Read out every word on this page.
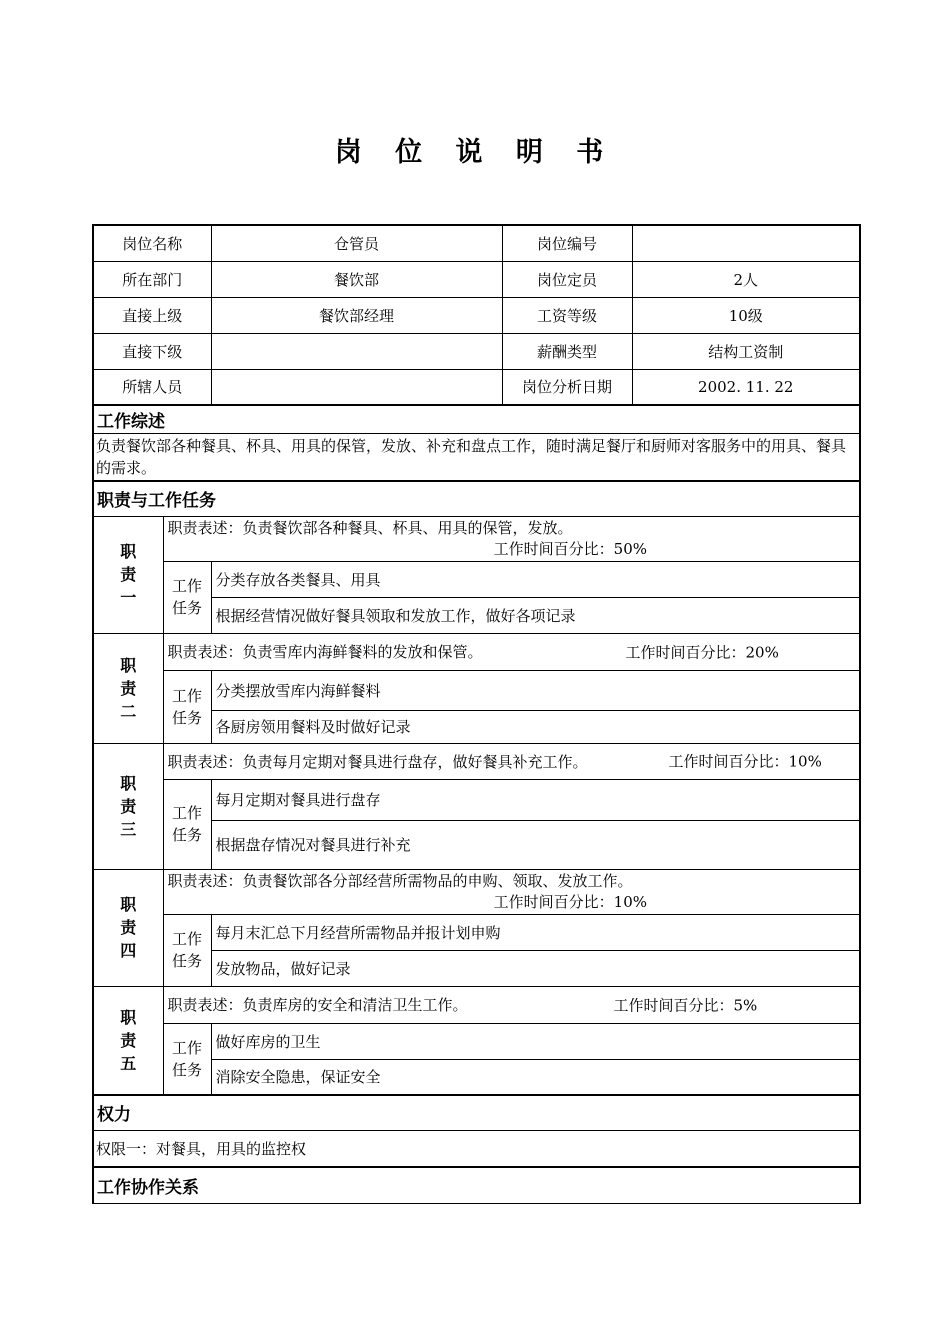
岗 位 说 明 书
岗位名称		仓管员	岗位编号	
所在部门		餐饮部	岗位定员	2人
直接上级		餐饮部经理	工资等级	10级
直接下级			薪酬类型	结构工资制
所辖人员			岗位分析日期	2002. 11. 22
工作综述				
负责餐饮部各种餐具、杯具、用具的保管，发放、补充和盘点工作，随时满足餐厅和厨师对客服务中的用具、餐具的需求。				
职责与工作任务				
职责一	职责表述：负责餐饮部各种餐具、杯具、用具的保管，发放。
工作时间百分比：50%			

	工作任务	分类存放各类餐具、用具		
		根据经营情况做好餐具领取和发放工作，做好各项记录		
职责二	职责表述：负责雪库内海鲜餐料的发放和保管。 工作时间百分比：20%			

	工作任务	分类摆放雪库内海鲜餐料		
		各厨房领用餐料及时做好记录		
职责三	职责表述：负责每月定期对餐具进行盘存，做好餐具补充工作。 工作时间百分比：10%			

	工作任务	每月定期对餐具进行盘存		
		根据盘存情况对餐具进行补充		
职责四	职责表述：负责餐饮部各分部经营所需物品的申购、领取、发放工作。
工作时间百分比：10%			

	工作任务	每月末汇总下月经营所需物品并报计划申购		
		发放物品，做好记录		
职责五	职责表述：负责库房的安全和清洁卫生工作。 工作时间百分比：5%			

	工作任务	做好库房的卫生		
		消除安全隐患，保证安全		
权力				
权限一：对餐具，用具的监控权				
工作协作关系				
